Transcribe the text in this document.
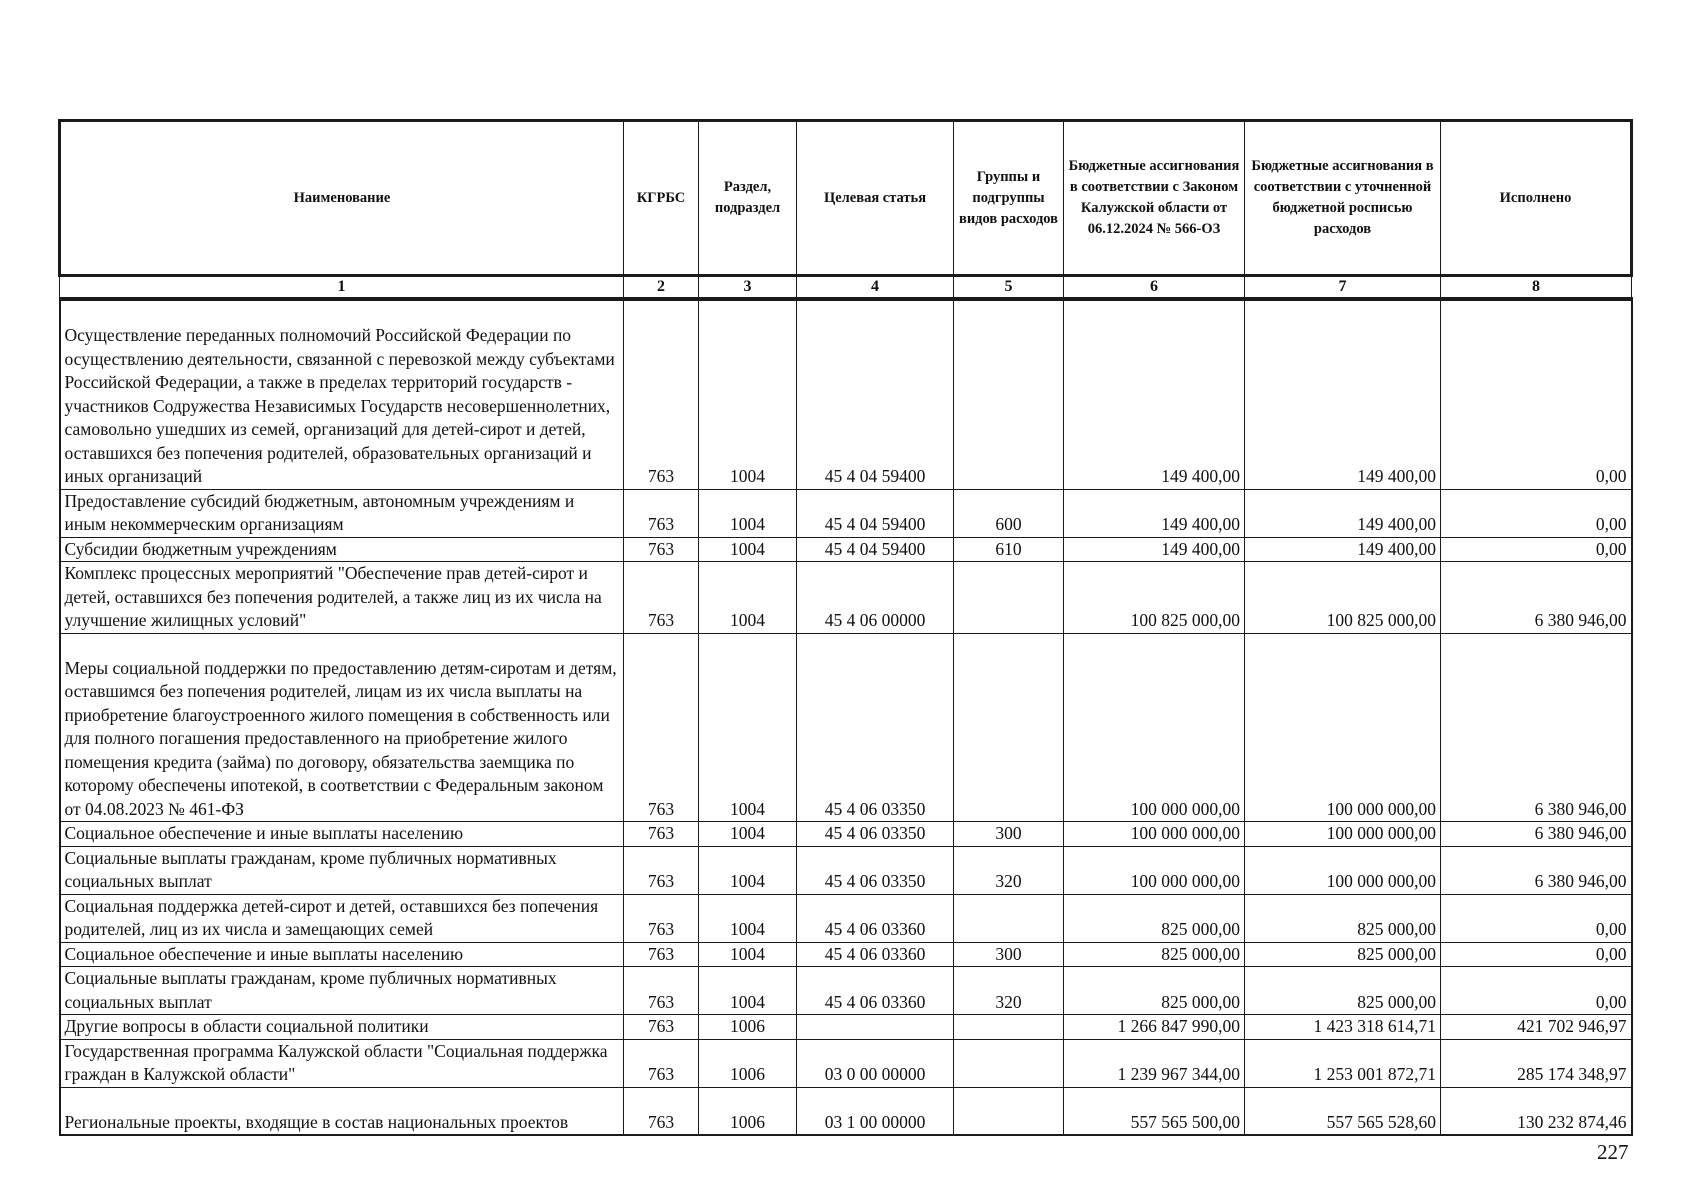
Наименование	КГРБС	Раздел, подраздел	Целевая статья	Группы и подгруппы видов расходов	Бюджетные ассигнования в соответствии с Законом Калужской области от 06.12.2024 № 566-ОЗ	Бюджетные ассигнования в соответствии с уточненной бюджетной росписью расходов	Исполнено
1	2	3	4	5	6	7	8

Осуществление переданных полномочий Российской Федерации по осуществлению деятельности, связанной с перевозкой между субъектами Российской Федерации, а также в пределах территорий государств - участников Содружества Независимых Государств несовершеннолетних, самовольно ушедших из семей, организаций для детей-сирот и детей, оставшихся без попечения родителей, образовательных организаций и иных организаций	763	1004	45 4 04 59400		149 400,00	149 400,00	0,00
Предоставление субсидий бюджетным, автономным учреждениям и иным некоммерческим организациям	763	1004	45 4 04 59400	600	149 400,00	149 400,00	0,00
Субсидии бюджетным учреждениям	763	1004	45 4 04 59400	610	149 400,00	149 400,00	0,00
Комплекс процессных мероприятий "Обеспечение прав детей-сирот и детей, оставшихся без попечения родителей, а также лиц из их числа на улучшение жилищных условий"	763	1004	45 4 06 00000		100 825 000,00	100 825 000,00	6 380 946,00

Меры социальной поддержки по предоставлению детям-сиротам и детям, оставшимся без попечения родителей, лицам из их числа выплаты на приобретение благоустроенного жилого помещения в собственность или для полного погашения предоставленного на приобретение жилого помещения кредита (займа) по договору, обязательства заемщика по которому обеспечены ипотекой, в соответствии с Федеральным законом от 04.08.2023 № 461-ФЗ	763	1004	45 4 06 03350		100 000 000,00	100 000 000,00	6 380 946,00
Социальное обеспечение и иные выплаты населению	763	1004	45 4 06 03350	300	100 000 000,00	100 000 000,00	6 380 946,00
Социальные выплаты гражданам, кроме публичных нормативных социальных выплат	763	1004	45 4 06 03350	320	100 000 000,00	100 000 000,00	6 380 946,00
Социальная поддержка детей-сирот и детей, оставшихся без попечения родителей, лиц из их числа и замещающих семей	763	1004	45 4 06 03360		825 000,00	825 000,00	0,00
Социальное обеспечение и иные выплаты населению	763	1004	45 4 06 03360	300	825 000,00	825 000,00	0,00
Социальные выплаты гражданам, кроме публичных нормативных социальных выплат	763	1004	45 4 06 03360	320	825 000,00	825 000,00	0,00
Другие вопросы в области социальной политики	763	1006			1 266 847 990,00	1 423 318 614,71	421 702 946,97
Государственная программа Калужской области "Социальная поддержка граждан в Калужской области"	763	1006	03 0 00 00000		1 239 967 344,00	1 253 001 872,71	285 174 348,97

Региональные проекты, входящие в состав национальных проектов	763	1006	03 1 00 00000		557 565 500,00	557 565 528,60	130 232 874,46
227
